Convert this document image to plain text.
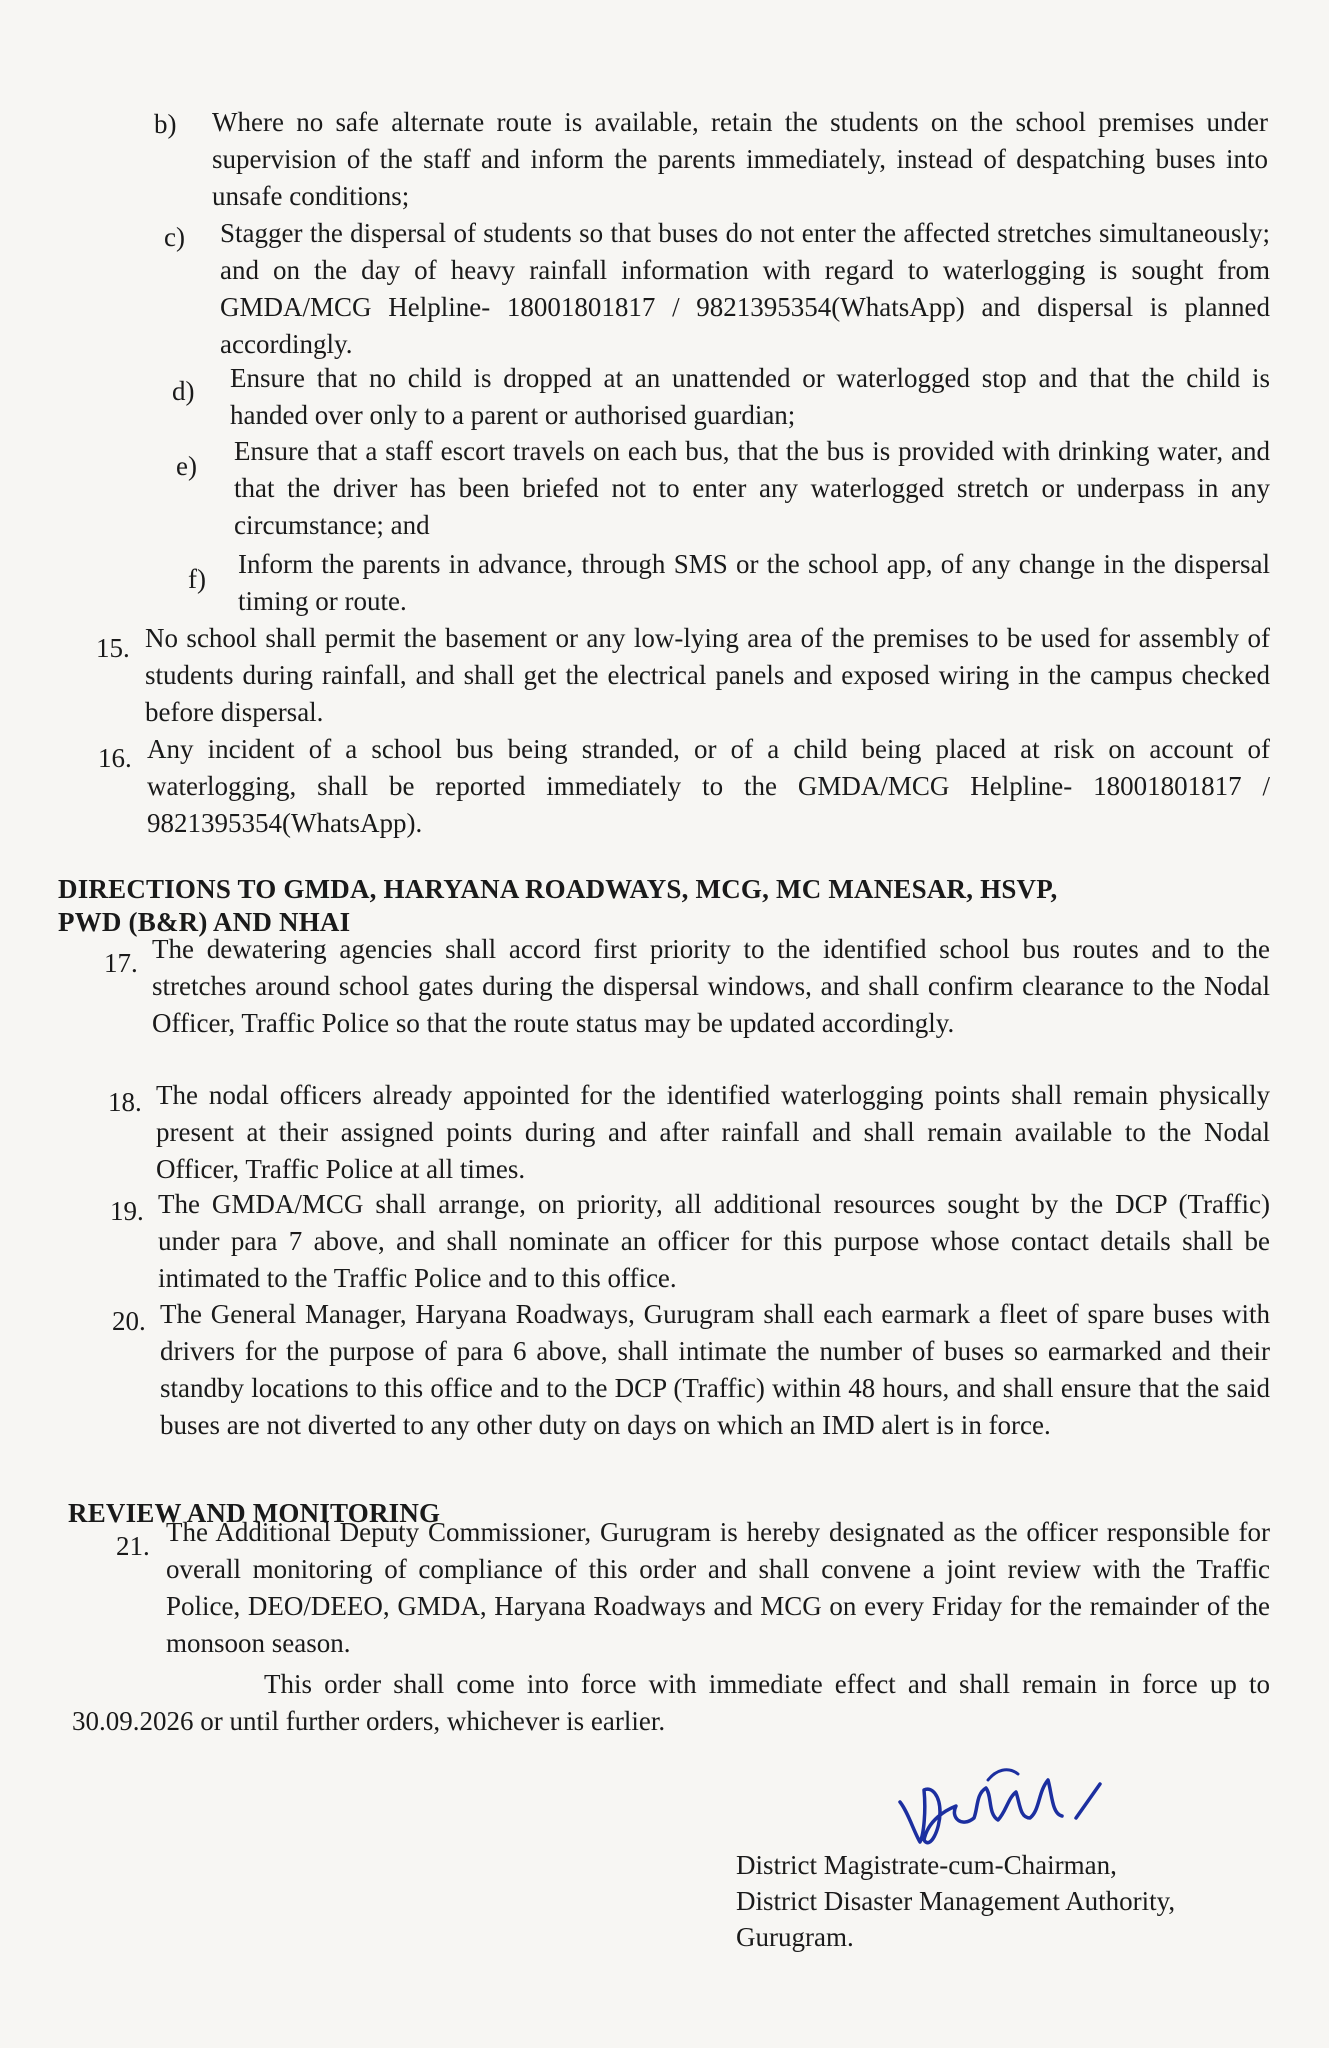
b) Where no safe alternate route is available, retain the students on the school premises under supervision of the staff and inform the parents immediately, instead of despatching buses into unsafe conditions;
c) Stagger the dispersal of students so that buses do not enter the affected stretches simultaneously; and on the day of heavy rainfall information with regard to waterlogging is sought from GMDA/MCG Helpline- 18001801817 / 9821395354(WhatsApp) and dispersal is planned accordingly.
d) Ensure that no child is dropped at an unattended or waterlogged stop and that the child is handed over only to a parent or authorised guardian;
e) Ensure that a staff escort travels on each bus, that the bus is provided with drinking water, and that the driver has been briefed not to enter any waterlogged stretch or underpass in any circumstance; and
f) Inform the parents in advance, through SMS or the school app, of any change in the dispersal timing or route.
15. No school shall permit the basement or any low-lying area of the premises to be used for assembly of students during rainfall, and shall get the electrical panels and exposed wiring in the campus checked before dispersal.
16. Any incident of a school bus being stranded, or of a child being placed at risk on account of waterlogging, shall be reported immediately to the GMDA/MCG Helpline- 18001801817 / 9821395354(WhatsApp).
DIRECTIONS TO GMDA, HARYANA ROADWAYS, MCG, MC MANESAR, HSVP,
PWD (B&R) AND NHAI
17. The dewatering agencies shall accord first priority to the identified school bus routes and to the stretches around school gates during the dispersal windows, and shall confirm clearance to the Nodal Officer, Traffic Police so that the route status may be updated accordingly.
18. The nodal officers already appointed for the identified waterlogging points shall remain physically present at their assigned points during and after rainfall and shall remain available to the Nodal Officer, Traffic Police at all times.
19. The GMDA/MCG shall arrange, on priority, all additional resources sought by the DCP (Traffic) under para 7 above, and shall nominate an officer for this purpose whose contact details shall be intimated to the Traffic Police and to this office.
20. The General Manager, Haryana Roadways, Gurugram shall each earmark a fleet of spare buses with drivers for the purpose of para 6 above, shall intimate the number of buses so earmarked and their standby locations to this office and to the DCP (Traffic) within 48 hours, and shall ensure that the said buses are not diverted to any other duty on days on which an IMD alert is in force.
REVIEW AND MONITORING
21. The Additional Deputy Commissioner, Gurugram is hereby designated as the officer responsible for overall monitoring of compliance of this order and shall convene a joint review with the Traffic Police, DEO/DEEO, GMDA, Haryana Roadways and MCG on every Friday for the remainder of the monsoon season.
This order shall come into force with immediate effect and shall remain in force up to 30.09.2026 or until further orders, whichever is earlier.
District Magistrate-cum-Chairman,
District Disaster Management Authority,
Gurugram.
